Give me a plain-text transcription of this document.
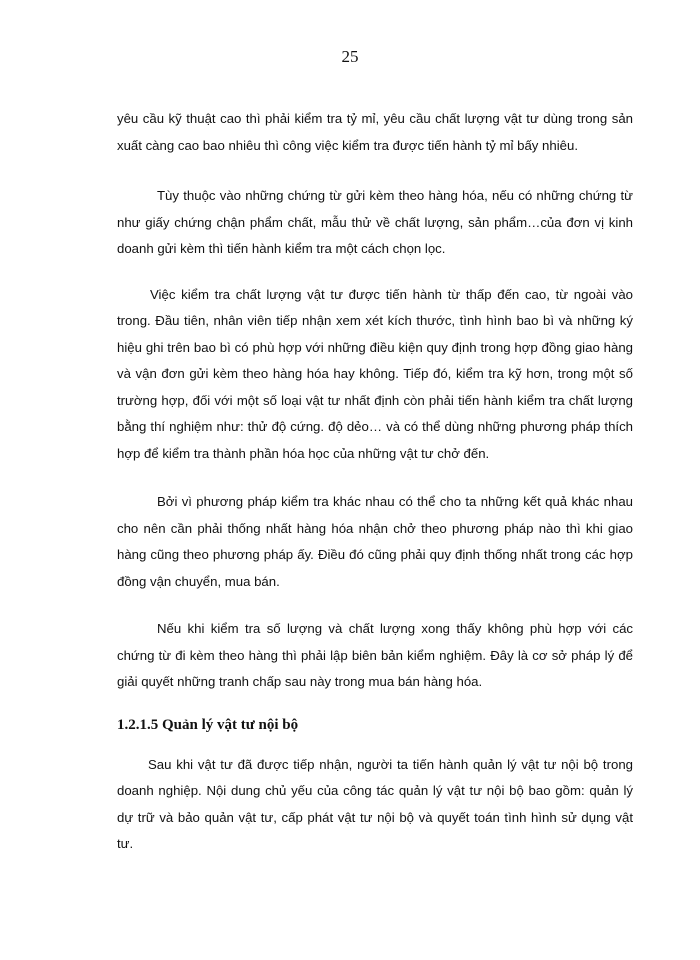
25

yêu cầu kỹ thuật cao thì phải kiểm tra tỷ mỉ, yêu cầu chất lượng vật tư dùng trong sản xuất càng cao bao nhiêu thì công việc kiểm tra được tiến hành tỷ mỉ bấy nhiêu.

Tùy thuộc vào những chứng từ gửi kèm theo hàng hóa, nếu có những chứng từ như giấy chứng chận phẩm chất, mẫu thử về chất lượng, sản phẩm…của đơn vị kinh doanh gửi kèm thì tiến hành kiểm tra một cách chọn lọc.

Việc kiểm tra chất lượng vật tư được tiến hành từ thấp đến cao, từ ngoài vào trong. Đầu tiên, nhân viên tiếp nhận xem xét kích thước, tình hình bao bì và những ký hiệu ghi trên bao bì có phù hợp với những điều kiện quy định trong hợp đồng giao hàng và vận đơn gửi kèm theo hàng hóa hay không. Tiếp đó, kiểm tra kỹ hơn, trong một số trường hợp, đối với một số loại vật tư nhất định còn phải tiến hành kiểm tra chất lượng bằng thí nghiệm như: thử độ cứng. độ dẻo… và có thể dùng những phương pháp thích hợp để kiểm tra thành phần hóa học của những vật tư chở đến.

Bởi vì phương pháp kiểm tra khác nhau có thể cho ta những kết quả khác nhau cho nên cần phải thống nhất hàng hóa nhận chở theo phương pháp nào thì khi giao hàng cũng theo phương pháp ấy. Điều đó cũng phải quy định thống nhất trong các hợp đồng vận chuyển, mua bán.

Nếu khi kiểm tra số lượng và chất lượng xong thấy không phù hợp với các chứng từ đi kèm theo hàng thì phải lập biên bản kiểm nghiệm. Đây là cơ sở pháp lý để giải quyết những tranh chấp sau này trong mua bán hàng hóa.

1.2.1.5 Quản lý vật tư nội bộ

Sau khi vật tư đã được tiếp nhận, người ta tiến hành quản lý vật tư nội bộ trong doanh nghiệp. Nội dung chủ yếu của công tác quản lý vật tư nội bộ bao gồm: quản lý dự trữ và bảo quản vật tư, cấp phát vật tư nội bộ và quyết toán tình hình sử dụng vật tư.
